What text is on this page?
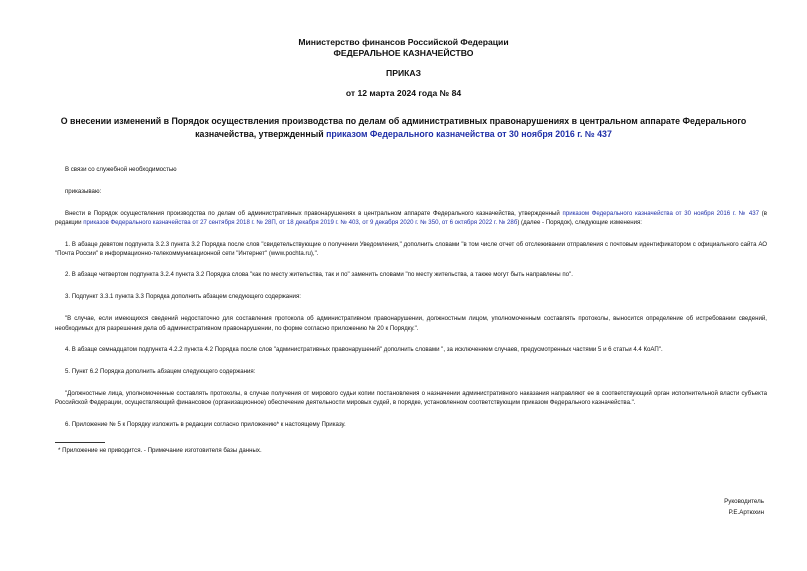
Министерство финансов Российской Федерации
ФЕДЕРАЛЬНОЕ КАЗНАЧЕЙСТВО
ПРИКАЗ
от 12 марта 2024 года № 84
О внесении изменений в Порядок осуществления производства по делам об административных правонарушениях в центральном аппарате Федерального казначейства, утвержденный приказом Федерального казначейства от 30 ноября 2016 г. № 437

В связи со служебной необходимостью

приказываю:

Внести в Порядок осуществления производства по делам об административных правонарушениях в центральном аппарате Федерального казначейства, утвержденный приказом Федерального казначейства от 30 ноября 2016 г. № 437 (в редакции приказов Федерального казначейства от 27 сентября 2018 г. № 28П, от 18 декабря 2019 г. № 403, от 9 декабря 2020 г. № 350, от 6 октября 2022 г. № 28б) (далее - Порядок), следующие изменения:

1. В абзаце девятом подпункта 3.2.3 пункта 3.2 Порядка после слов "свидетельствующие о получении Уведомления," дополнить словами "в том числе отчет об отслеживании отправления с почтовым идентификатором с официального сайта АО "Почта России" в информационно-телекоммуникационной сети "Интернет" (www.pochta.ru),".

2. В абзаце четвертом подпункта 3.2.4 пункта 3.2 Порядка слова "как по месту жительства, так и по" заменить словами "по месту жительства, а также могут быть направлены по".

3. Подпункт 3.3.1 пункта 3.3 Порядка дополнить абзацем следующего содержания:

"В случае, если имеющихся сведений недостаточно для составления протокола об административном правонарушении, должностным лицом, уполномоченным составлять протоколы, выносится определение об истребовании сведений, необходимых для разрешения дела об административном правонарушении, по форме согласно приложению № 20 к Порядку.".

4. В абзаце семнадцатом подпункта 4.2.2 пункта 4.2 Порядка после слов "административных правонарушений" дополнить словами ", за исключением случаев, предусмотренных частями 5 и 6 статьи 4.4 КоАП".

5. Пункт 6.2 Порядка дополнить абзацем следующего содержания:

"Должностные лица, уполномоченные составлять протоколы, в случае получения от мирового судьи копии постановления о назначении административного наказания направляют ее в соответствующий орган исполнительной власти субъекта Российской Федерации, осуществляющий финансовое (организационное) обеспечение деятельности мировых судей, в порядке, установленном соответствующим приказом Федерального казначейства.".

6. Приложение № 5 к Порядку изложить в редакции согласно приложению* к настоящему Приказу.

* Приложение не приводится. - Примечание изготовителя базы данных.

Руководитель
Р.Е.Артюхин
